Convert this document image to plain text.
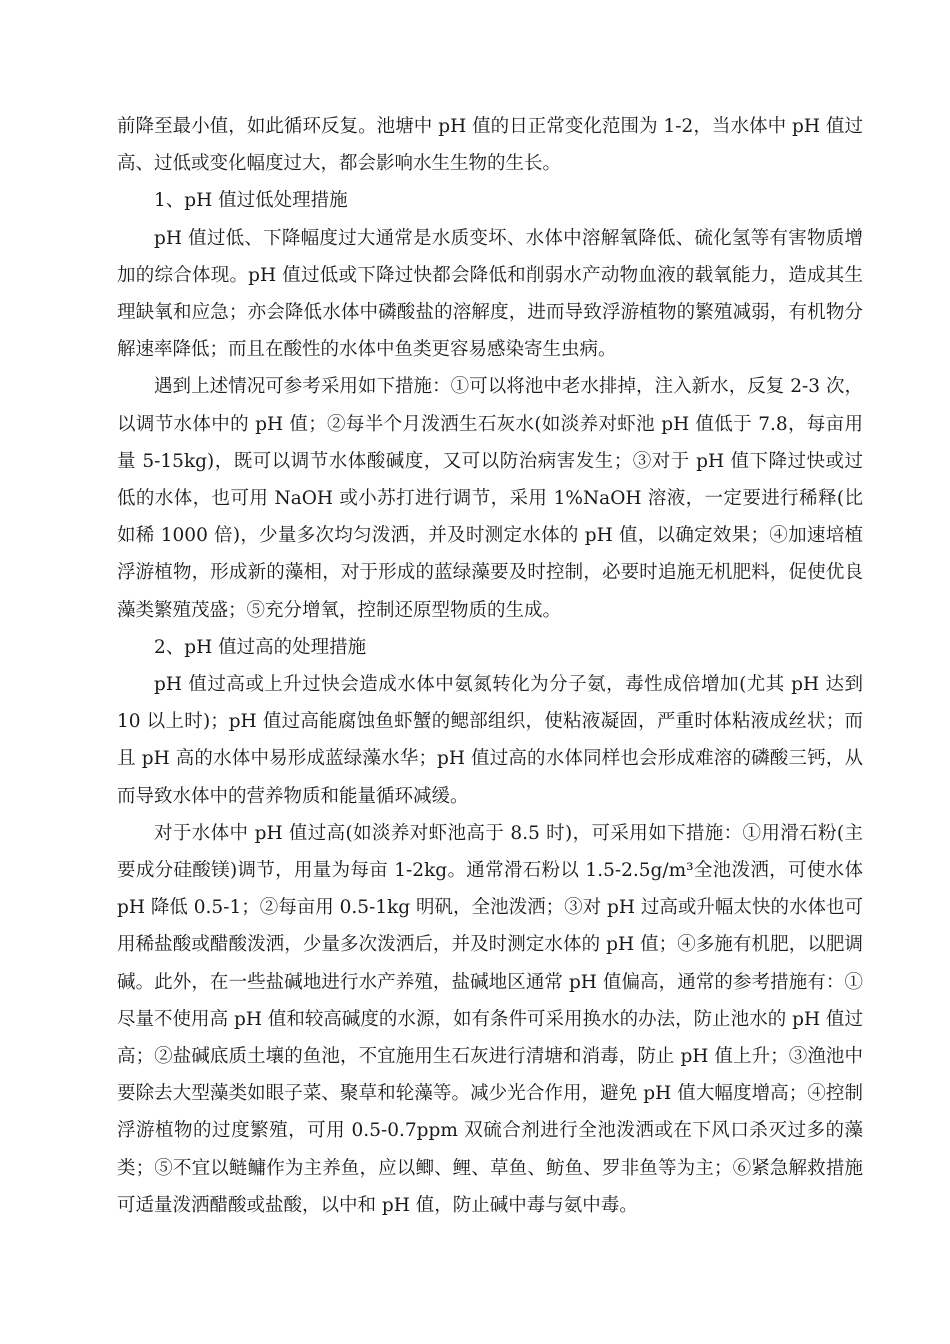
前降至最小值，如此循环反复。池塘中 pH 值的日正常变化范围为 1-2，当水体中 pH 值过高、过低或变化幅度过大，都会影响水生生物的生长。

1、pH 值过低处理措施

pH 值过低、下降幅度过大通常是水质变坏、水体中溶解氧降低、硫化氢等有害物质增加的综合体现。pH 值过低或下降过快都会降低和削弱水产动物血液的载氧能力，造成其生理缺氧和应急；亦会降低水体中磷酸盐的溶解度，进而导致浮游植物的繁殖减弱，有机物分解速率降低；而且在酸性的水体中鱼类更容易感染寄生虫病。

遇到上述情况可参考采用如下措施：①可以将池中老水排掉，注入新水，反复 2-3 次，以调节水体中的 pH 值；②每半个月泼洒生石灰水(如淡养对虾池 pH 值低于 7.8，每亩用量 5-15kg)，既可以调节水体酸碱度，又可以防治病害发生；③对于 pH 值下降过快或过低的水体，也可用 NaOH 或小苏打进行调节，采用 1%NaOH 溶液，一定要进行稀释(比如稀 1000 倍)，少量多次均匀泼洒，并及时测定水体的 pH 值，以确定效果；④加速培植浮游植物，形成新的藻相，对于形成的蓝绿藻要及时控制，必要时追施无机肥料，促使优良藻类繁殖茂盛；⑤充分增氧，控制还原型物质的生成。

2、pH 值过高的处理措施

pH 值过高或上升过快会造成水体中氨氮转化为分子氨，毒性成倍增加(尤其 pH 达到 10 以上时)；pH 值过高能腐蚀鱼虾蟹的鳃部组织，使粘液凝固，严重时体粘液成丝状；而且 pH 高的水体中易形成蓝绿藻水华；pH 值过高的水体同样也会形成难溶的磷酸三钙，从而导致水体中的营养物质和能量循环减缓。

对于水体中 pH 值过高(如淡养对虾池高于 8.5 时)，可采用如下措施：①用滑石粉(主要成分硅酸镁)调节，用量为每亩 1-2kg。通常滑石粉以 1.5-2.5g/m³全池泼洒，可使水体 pH 降低 0.5-1；②每亩用 0.5-1kg 明矾，全池泼洒；③对 pH 过高或升幅太快的水体也可用稀盐酸或醋酸泼洒，少量多次泼洒后，并及时测定水体的 pH 值；④多施有机肥，以肥调碱。此外，在一些盐碱地进行水产养殖，盐碱地区通常 pH 值偏高，通常的参考措施有：①尽量不使用高 pH 值和较高碱度的水源，如有条件可采用换水的办法，防止池水的 pH 值过高；②盐碱底质土壤的鱼池，不宜施用生石灰进行清塘和消毒，防止 pH 值上升；③渔池中要除去大型藻类如眼子菜、聚草和轮藻等。减少光合作用，避免 pH 值大幅度增高；④控制浮游植物的过度繁殖，可用 0.5-0.7ppm 双硫合剂进行全池泼洒或在下风口杀灭过多的藻类；⑤不宜以鲢鳙作为主养鱼，应以鲫、鲤、草鱼、鲂鱼、罗非鱼等为主；⑥紧急解救措施可适量泼洒醋酸或盐酸，以中和 pH 值，防止碱中毒与氨中毒。
